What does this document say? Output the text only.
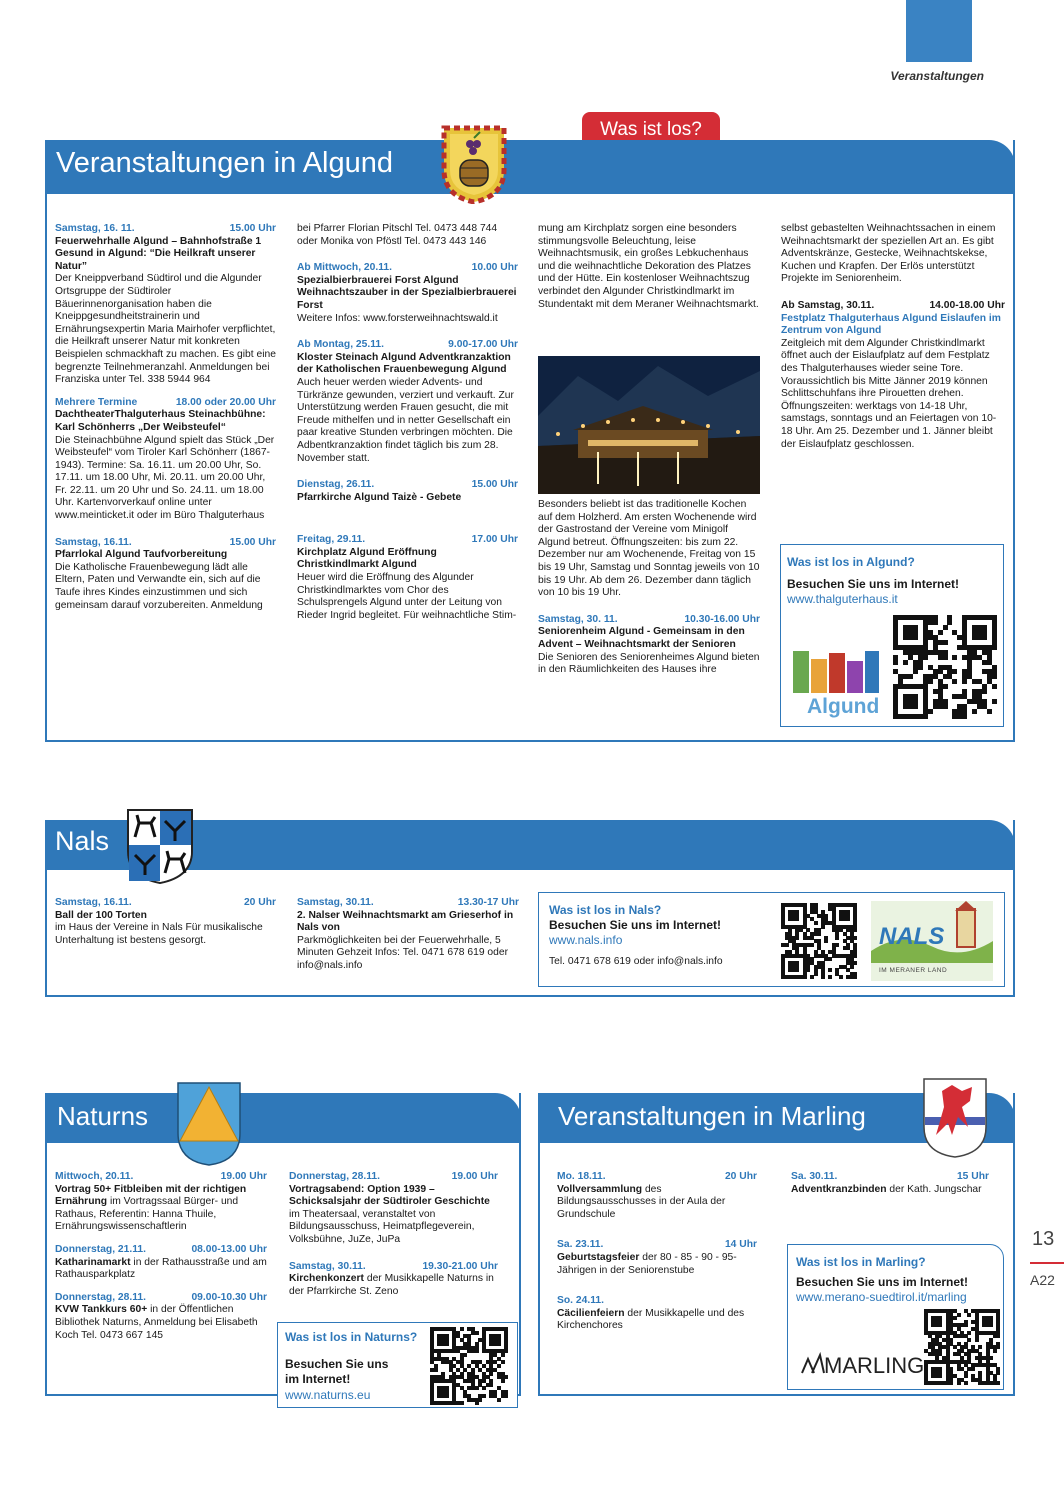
Veranstaltungen
Was ist los?
Veranstaltungen in Algund

Samstag, 16. 11.	15.00 Uhr
Feuerwehrhalle Algund – Bahnhofstraße 1 Gesund in Algund: “Die Heilkraft unserer Natur”
Der Kneippverband Südtirol und die Algunder Ortsgruppe der Südtiroler Bäuerinnenorganisation haben die Kneippgesundheitstrainerin und Ernährungsexpertin Maria Mairhofer verpflichtet, die Heilkraft unserer Natur mit konkreten Beispielen schmackhaft zu machen. Es gibt eine begrenzte Teilnehmeranzahl. Anmeldungen bei Franziska unter Tel. 338 5944 964

Mehrere Termine	18.00 oder 20.00 Uhr
DachtheaterThalguterhaus Steinachbühne: Karl Schönherrs „Der Weibsteufel“
Die Steinachbühne Algund spielt das Stück „Der Weibsteufel“ vom Tiroler Karl Schönherr (1867-1943). Termine: Sa. 16.11. um 20.00 Uhr, So. 17.11. um 18.00 Uhr, Mi. 20.11. um 20.00 Uhr, Fr. 22.11. um 20 Uhr und So. 24.11. um 18.00 Uhr. Kartenvorverkauf online unter www.meinticket.it oder im Büro Thalguterhaus

Samstag, 16.11.	15.00 Uhr
Pfarrlokal Algund Taufvorbereitung
Die Katholische Frauenbewegung lädt alle Eltern, Paten und Verwandte ein, sich auf die Taufe ihres Kindes einzustimmen und sich gemeinsam darauf vorzubereiten. Anmeldung

bei Pfarrer Florian Pitschl Tel. 0473 448 744 oder Monika von Pföstl Tel. 0473 443 146

Ab Mittwoch, 20.11.	10.00 Uhr
Spezialbierbrauerei Forst Algund Weihnachtszauber in der Spezialbierbrauerei Forst
Weitere Infos: www.forsterweihnachtswald.it

Ab Montag, 25.11.	9.00-17.00 Uhr
Kloster Steinach Algund Adventkranzaktion der Katholischen Frauenbewegung Algund
Auch heuer werden wieder Advents- und Türkränze gewunden, verziert und verkauft. Zur Unterstützung werden Frauen gesucht, die mit Freude mithelfen und in netter Gesellschaft ein paar kreative Stunden verbringen möchten. Die Adbentkranzaktion findet täglich bis zum 28. November statt.

Dienstag, 26.11.	15.00 Uhr
Pfarrkirche Algund Taizè - Gebete

Freitag, 29.11.	17.00 Uhr
Kirchplatz Algund Eröffnung Christkindlmarkt Algund
Heuer wird die Eröffnung des Algunder Christkindlmarktes vom Chor des Schulsprengels Algund unter der Leitung von Rieder Ingrid begleitet. Für weihnachtliche Stim-

mung am Kirchplatz sorgen eine besonders stimmungsvolle Beleuchtung, leise Weihnachtsmusik, ein großes Lebkuchenhaus und die weihnachtliche Dekoration des Platzes und der Hütte. Ein kostenloser Weihnachtszug verbindet den Algunder Christkindlmarkt im Stundentakt mit dem Meraner Weihnachtsmarkt.

Besonders beliebt ist das traditionelle Kochen auf dem Holzherd. Am ersten Wochenende wird der Gastrostand der Vereine vom Minigolf Algund betreut. Öffnungszeiten: bis zum 22. Dezember nur am Wochenende, Freitag von 15 bis 19 Uhr, Samstag und Sonntag jeweils von 10 bis 19 Uhr. Ab dem 26. Dezember dann täglich von 10 bis 19 Uhr.

Samstag, 30. 11.	10.30-16.00 Uhr
Seniorenheim Algund - Gemeinsam in den Advent – Weihnachtsmarkt der Senioren
Die Senioren des Seniorenheimes Algund bieten in den Räumlichkeiten des Hauses ihre

selbst gebastelten Weihnachtssachen in einem Weihnachtsmarkt der speziellen Art an. Es gibt Adventskränze, Gestecke, Weihnachtskekse, Kuchen und Krapfen. Der Erlös unterstützt Projekte im Seniorenheim.

Ab Samstag, 30.11.	14.00-18.00 Uhr
Festplatz Thalguterhaus Algund Eislaufen im Zentrum von Algund
Zeitgleich mit dem Algunder Christkindlmarkt öffnet auch der Eislaufplatz auf dem Festplatz des Thalguterhauses wieder seine Tore. Voraussichtlich bis Mitte Jänner 2019 können Schlittschuhfans ihre Pirouetten drehen. Öffnungszeiten: werktags von 14-18 Uhr, samstags, sonntags und an Feiertagen von 10-18 Uhr. Am 25. Dezember und 1. Jänner bleibt der Eislaufplatz geschlossen.

Was ist los in Algund?
Besuchen Sie uns im Internet!
www.thalguterhaus.it
Algund
Nals
Samstag, 16.11.	20 Uhr
Ball der 100 Torten
im Haus der Vereine in Nals Für musikalische Unterhaltung ist bestens gesorgt.
Samstag, 30.11.	13.30-17 Uhr
2. Nalser Weihnachtsmarkt am Grieserhof in Nals von
Parkmöglichkeiten bei der Feuerwehrhalle, 5 Minuten Gehzeit Infos: Tel. 0471 678 619 oder info@nals.info
Was ist los in Nals?
Besuchen Sie uns im Internet!
www.nals.info
Tel. 0471 678 619 oder info@nals.info
NALS
IM MERANER LAND
Naturns

Mittwoch, 20.11.	19.00 Uhr
Vortrag 50+ Fitbleiben mit der richtigen Ernährung im Vortragssaal Bürger- und Rathaus, Referentin: Hanna Thuile, Ernährungswissenschaftlerin

Donnerstag, 21.11.	08.00-13.00 Uhr
Katharinamarkt in der Rathausstraße und am Rathausparkplatz

Donnerstag, 28.11.	09.00-10.30 Uhr
KVW Tankkurs 60+ in der Öffentlichen Bibliothek Naturns, Anmeldung bei Elisabeth Koch Tel. 0473 667 145

Donnerstag, 28.11.	19.00 Uhr
Vortragsabend: Option 1939 – Schicksalsjahr der Südtiroler Geschichte im Theatersaal, veranstaltet von Bildungsausschuss, Heimatpflegeverein, Volksbühne, JuZe, JuPa

Samstag, 30.11.	19.30-21.00 Uhr
Kirchenkonzert der Musikkapelle Naturns in der Pfarrkirche St. Zeno

Was ist los in Naturns?
Besuchen Sie uns im Internet!
www.naturns.eu
Veranstaltungen in Marling

Mo. 18.11.	20 Uhr
Vollversammlung des Bildungsausschusses in der Aula der Grundschule

Sa. 23.11.	14 Uhr
Geburtstagsfeier der 80 - 85 - 90 - 95-Jährigen in der Seniorenstube

So. 24.11.
Cäcilienfeiern der Musikkapelle und des Kirchenchores

Sa. 30.11.	15 Uhr
Adventkranzbinden der Kath. Jungschar
Was ist los in Marling?
Besuchen Sie uns im Internet!
www.merano-suedtirol.it/marling
MARLING
13
A22
